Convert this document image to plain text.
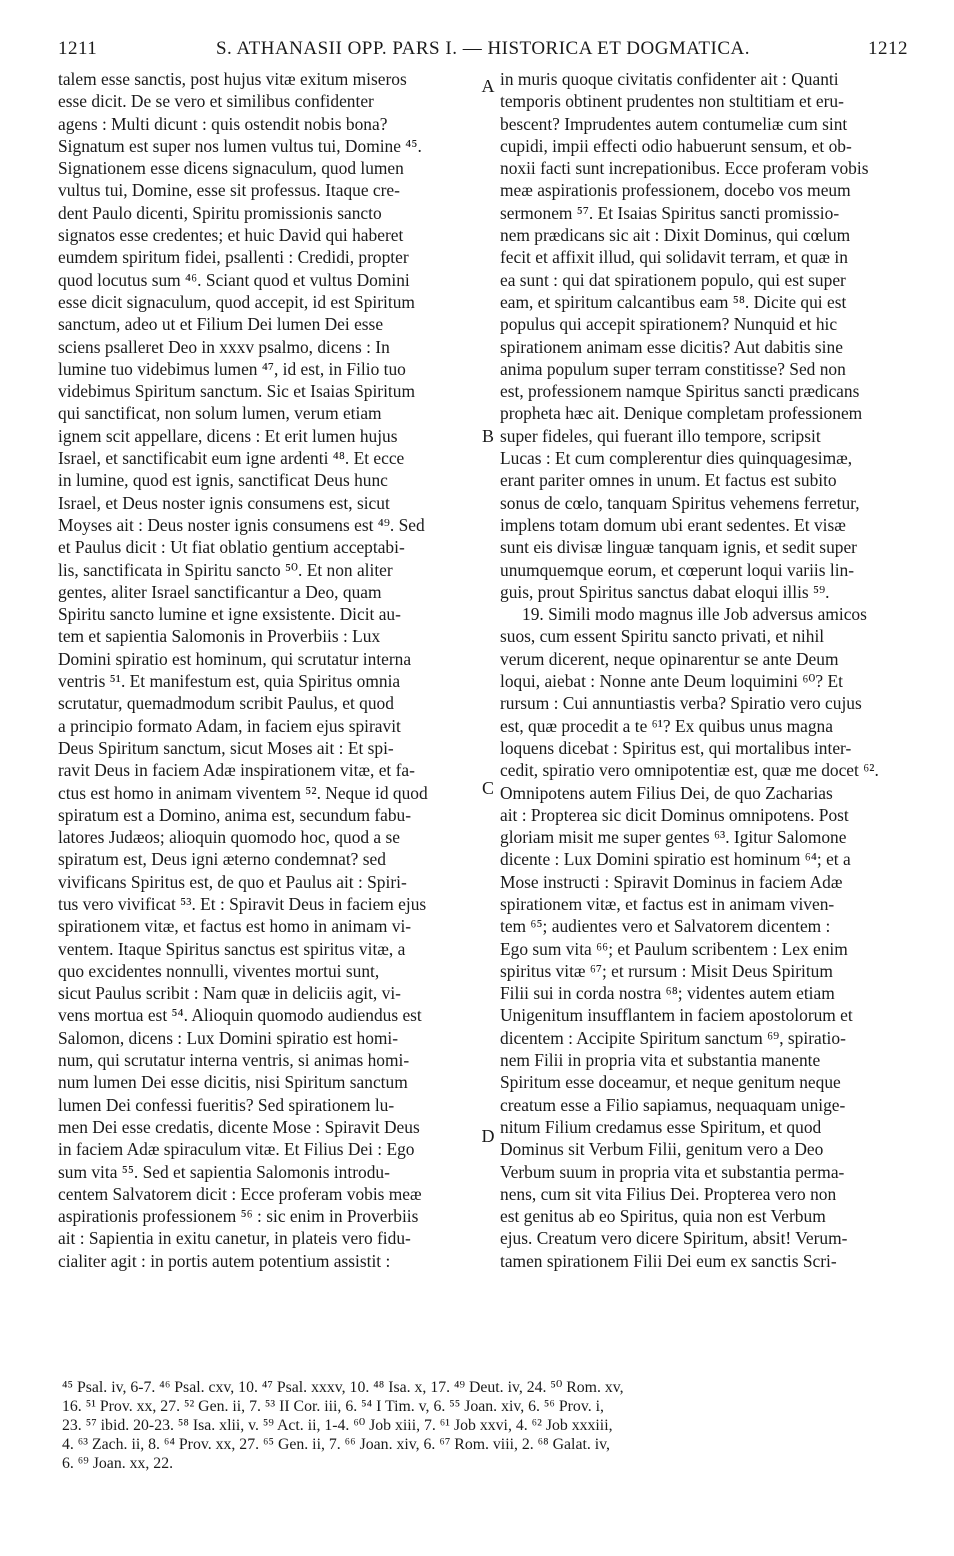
1211	S. ATHANASII OPP. PARS I. — HISTORICA ET DOGMATICA.	1212
talem esse sanctis, post hujus vitæ exitum miseros
esse dicit. De se vero et similibus confidenter
agens : Multi dicunt : quis ostendit nobis bona?
Signatum est super nos lumen vultus tui, Domine ⁴⁵.
Signationem esse dicens signaculum, quod lumen
vultus tui, Domine, esse sit professus. Itaque cre-
dent Paulo dicenti, Spiritu promissionis sancto
signatos esse credentes; et huic David qui haberet
eumdem spiritum fidei, psallenti : Credidi, propter
quod locutus sum ⁴⁶. Sciant quod et vultus Domini
esse dicit signaculum, quod accepit, id est Spiritum
sanctum, adeo ut et Filium Dei lumen Dei esse
sciens psalleret Deo in xxxv psalmo, dicens : In
lumine tuo videbimus lumen ⁴⁷, id est, in Filio tuo
videbimus Spiritum sanctum. Sic et Isaias Spiritum
qui sanctificat, non solum lumen, verum etiam
ignem scit appellare, dicens : Et erit lumen hujus
Israel, et sanctificabit eum igne ardenti ⁴⁸. Et ecce
in lumine, quod est ignis, sanctificat Deus hunc
Israel, et Deus noster ignis consumens est, sicut
Moyses ait : Deus noster ignis consumens est ⁴⁹. Sed
et Paulus dicit : Ut fiat oblatio gentium acceptabi-
lis, sanctificata in Spiritu sancto ⁵⁰. Et non aliter
gentes, aliter Israel sanctificantur a Deo, quam
Spiritu sancto lumine et igne exsistente. Dicit au-
tem et sapientia Salomonis in Proverbiis : Lux
Domini spiratio est hominum, qui scrutatur interna
ventris ⁵¹. Et manifestum est, quia Spiritus omnia
scrutatur, quemadmodum scribit Paulus, et quod
a principio formato Adam, in faciem ejus spiravit
Deus Spiritum sanctum, sicut Moses ait : Et spi-
ravit Deus in faciem Adæ inspirationem vitæ, et fa-
ctus est homo in animam viventem ⁵². Neque id quod
spiratum est a Domino, anima est, secundum fabu-
latores Judæos; alioquin quomodo hoc, quod a se
spiratum est, Deus igni æterno condemnat? sed
vivificans Spiritus est, de quo et Paulus ait : Spiri-
tus vero vivificat ⁵³. Et : Spiravit Deus in faciem ejus
spirationem vitæ, et factus est homo in animam vi-
ventem. Itaque Spiritus sanctus est spiritus vitæ, a
quo excidentes nonnulli, viventes mortui sunt,
sicut Paulus scribit : Nam quæ in deliciis agit, vi-
vens mortua est ⁵⁴. Alioquin quomodo audiendus est
Salomon, dicens : Lux Domini spiratio est homi-
num, qui scrutatur interna ventris, si animas homi-
num lumen Dei esse dicitis, nisi Spiritum sanctum
lumen Dei confessi fueritis? Sed spirationem lu-
men Dei esse credatis, dicente Mose : Spiravit Deus
in faciem Adæ spiraculum vitæ. Et Filius Dei : Ego
sum vita ⁵⁵. Sed et sapientia Salomonis introdu-
centem Salvatorem dicit : Ecce proferam vobis meæ
aspirationis professionem ⁵⁶ : sic enim in Proverbiis
ait : Sapientia in exitu canetur, in plateis vero fidu-
cialiter agit : in portis autem potentium assistit :
in muris quoque civitatis confidenter ait : Quanti
temporis obtinent prudentes non stultitiam et eru-
bescent? Imprudentes autem contumeliæ cum sint
cupidi, impii effecti odio habuerunt sensum, et ob-
noxii facti sunt increpationibus. Ecce proferam vobis
meæ aspirationis professionem, docebo vos meum
sermonem ⁵⁷. Et Isaias Spiritus sancti promissio-
nem prædicans sic ait : Dixit Dominus, qui cœlum
fecit et affixit illud, qui solidavit terram, et quæ in
ea sunt : qui dat spirationem populo, qui est super
eam, et spiritum calcantibus eam ⁵⁸. Dicite qui est
populus qui accepit spirationem? Nunquid et hic
spirationem animam esse dicitis? Aut dabitis sine
anima populum super terram constitisse? Sed non
est, professionem namque Spiritus sancti prædicans
propheta hæc ait. Denique completam professionem
super fideles, qui fuerant illo tempore, scripsit
Lucas : Et cum complerentur dies quinquagesimæ,
erant pariter omnes in unum. Et factus est subito
sonus de cœlo, tanquam Spiritus vehemens ferretur,
implens totam domum ubi erant sedentes. Et visæ
sunt eis divisæ linguæ tanquam ignis, et sedit super
unumquemque eorum, et cœperunt loqui variis lin-
guis, prout Spiritus sanctus dabat eloqui illis ⁵⁹.
19. Simili modo magnus ille Job adversus amicos
suos, cum essent Spiritu sancto privati, et nihil
verum dicerent, neque opinarentur se ante Deum
loqui, aiebat : Nonne ante Deum loquimini ⁶⁰? Et
rursum : Cui annuntiastis verba? Spiratio vero cujus
est, quæ procedit a te ⁶¹? Ex quibus unus magna
loquens dicebat : Spiritus est, qui mortalibus inter-
cedit, spiratio vero omnipotentiæ est, quæ me docet ⁶².
Omnipotens autem Filius Dei, de quo Zacharias
ait : Propterea sic dicit Dominus omnipotens. Post
gloriam misit me super gentes ⁶³. Igitur Salomone
dicente : Lux Domini spiratio est hominum ⁶⁴; et a
Mose instructi : Spiravit Dominus in faciem Adæ
spirationem vitæ, et factus est in animam viven-
tem ⁶⁵; audientes vero et Salvatorem dicentem :
Ego sum vita ⁶⁶; et Paulum scribentem : Lex enim
spiritus vitæ ⁶⁷; et rursum : Misit Deus Spiritum
Filii sui in corda nostra ⁶⁸; videntes autem etiam
Unigenitum insufflantem in faciem apostolorum et
dicentem : Accipite Spiritum sanctum ⁶⁹, spiratio-
nem Filii in propria vita et substantia manente
Spiritum esse doceamur, et neque genitum neque
creatum esse a Filio sapiamus, nequaquam unige-
nitum Filium credamus esse Spiritum, et quod
Dominus sit Verbum Filii, genitum vero a Deo
Verbum suum in propria vita et substantia perma-
nens, cum sit vita Filius Dei. Propterea vero non
est genitus ab eo Spiritus, quia non est Verbum
ejus. Creatum vero dicere Spiritum, absit! Verum-
tamen spirationem Filii Dei eum ex sanctis Scri-
A
B
C
D
⁴⁵ Psal. iv, 6-7. ⁴⁶ Psal. cxv, 10. ⁴⁷ Psal. xxxv, 10. ⁴⁸ Isa. x, 17. ⁴⁹ Deut. iv, 24. ⁵⁰ Rom. xv,
16. ⁵¹ Prov. xx, 27. ⁵² Gen. ii, 7. ⁵³ II Cor. iii, 6. ⁵⁴ I Tim. v, 6. ⁵⁵ Joan. xiv, 6. ⁵⁶ Prov. i,
23. ⁵⁷ ibid. 20-23. ⁵⁸ Isa. xlii, v. ⁵⁹ Act. ii, 1-4. ⁶⁰ Job xiii, 7. ⁶¹ Job xxvi, 4. ⁶² Job xxxiii,
4. ⁶³ Zach. ii, 8. ⁶⁴ Prov. xx, 27. ⁶⁵ Gen. ii, 7. ⁶⁶ Joan. xiv, 6. ⁶⁷ Rom. viii, 2. ⁶⁸ Galat. iv,
6. ⁶⁹ Joan. xx, 22.
